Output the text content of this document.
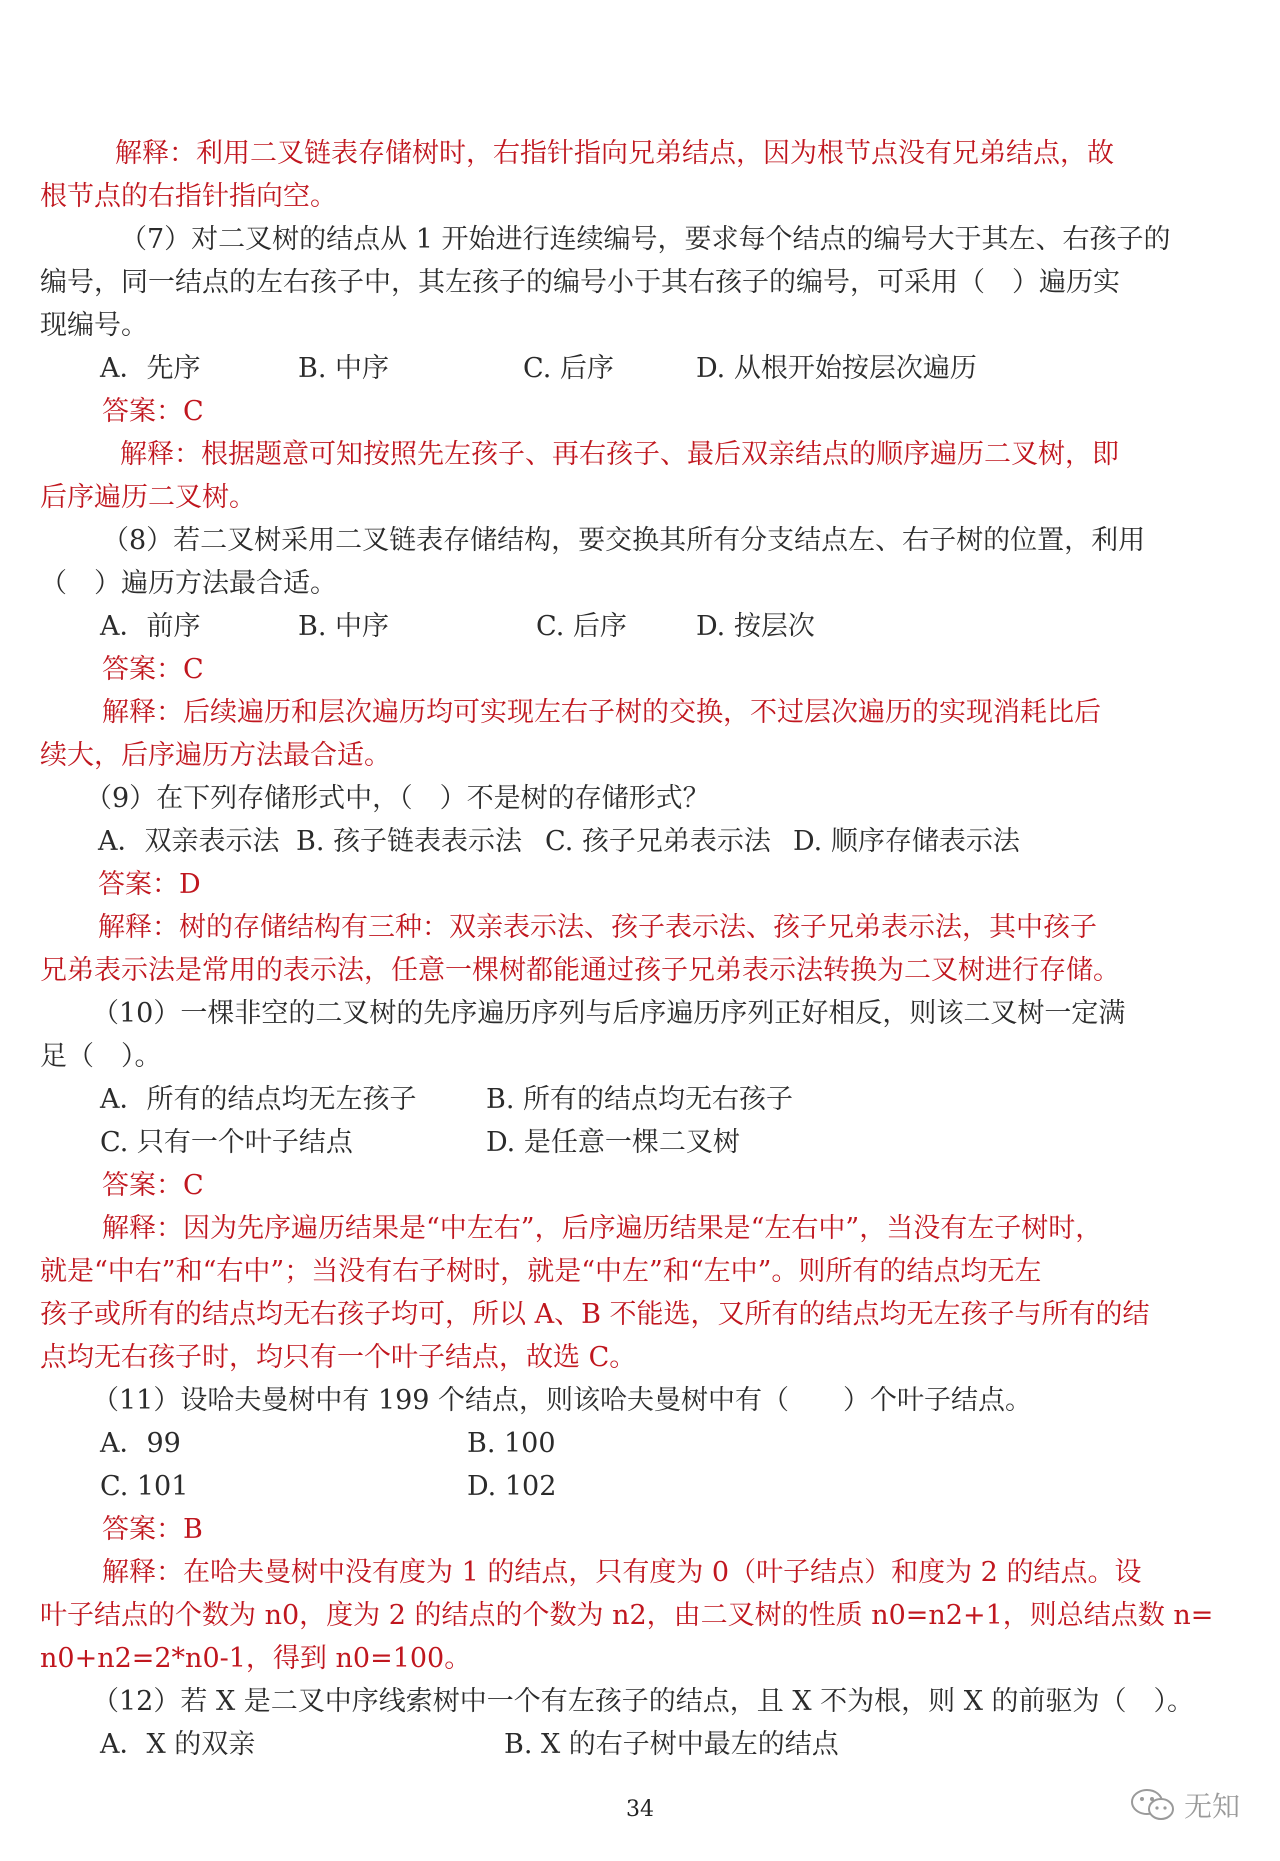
解释：利用二叉链表存储树时，右指针指向兄弟结点，因为根节点没有兄弟结点，故
根节点的右指针指向空。
（7）对二叉树的结点从 1 开始进行连续编号，要求每个结点的编号大于其左、右孩子的
编号，同一结点的左右孩子中，其左孩子的编号小于其右孩子的编号，可采用（　）遍历实
现编号。
A．先序	B. 中序	C. 后序	D. 从根开始按层次遍历
答案：C
解释：根据题意可知按照先左孩子、再右孩子、最后双亲结点的顺序遍历二叉树，即
后序遍历二叉树。
（8）若二叉树采用二叉链表存储结构，要交换其所有分支结点左、右子树的位置，利用
（　）遍历方法最合适。
A．前序	B. 中序	C. 后序	D. 按层次
答案：C
解释：后续遍历和层次遍历均可实现左右子树的交换，不过层次遍历的实现消耗比后
续大，后序遍历方法最合适。
（9）在下列存储形式中，（　）不是树的存储形式？
A．双亲表示法 B. 孩子链表表示法 C. 孩子兄弟表示法 D. 顺序存储表示法
答案：D
解释：树的存储结构有三种：双亲表示法、孩子表示法、孩子兄弟表示法，其中孩子
兄弟表示法是常用的表示法，任意一棵树都能通过孩子兄弟表示法转换为二叉树进行存储。
（10）一棵非空的二叉树的先序遍历序列与后序遍历序列正好相反，则该二叉树一定满
足（　）。
A．所有的结点均无左孩子	B. 所有的结点均无右孩子
C. 只有一个叶子结点	D. 是任意一棵二叉树
答案：C
解释：因为先序遍历结果是“中左右”，后序遍历结果是“左右中”，当没有左子树时，
就是“中右”和“右中”；当没有右子树时，就是“中左”和“左中”。则所有的结点均无左
孩子或所有的结点均无右孩子均可，所以 A、B 不能选，又所有的结点均无左孩子与所有的结
点均无右孩子时，均只有一个叶子结点，故选 C。
（11）设哈夫曼树中有 199 个结点，则该哈夫曼树中有（　　）个叶子结点。
A．99	B. 100
C. 101	D. 102
答案：B
解释：在哈夫曼树中没有度为 1 的结点，只有度为 0（叶子结点）和度为 2 的结点。设
叶子结点的个数为 n0，度为 2 的结点的个数为 n2，由二叉树的性质 n0=n2+1，则总结点数 n=
n0+n2=2*n0-1，得到 n0=100。
（12）若 X 是二叉中序线索树中一个有左孩子的结点，且 X 不为根，则 X 的前驱为（　）。
A．X 的双亲	B. X 的右子树中最左的结点
34	无知
